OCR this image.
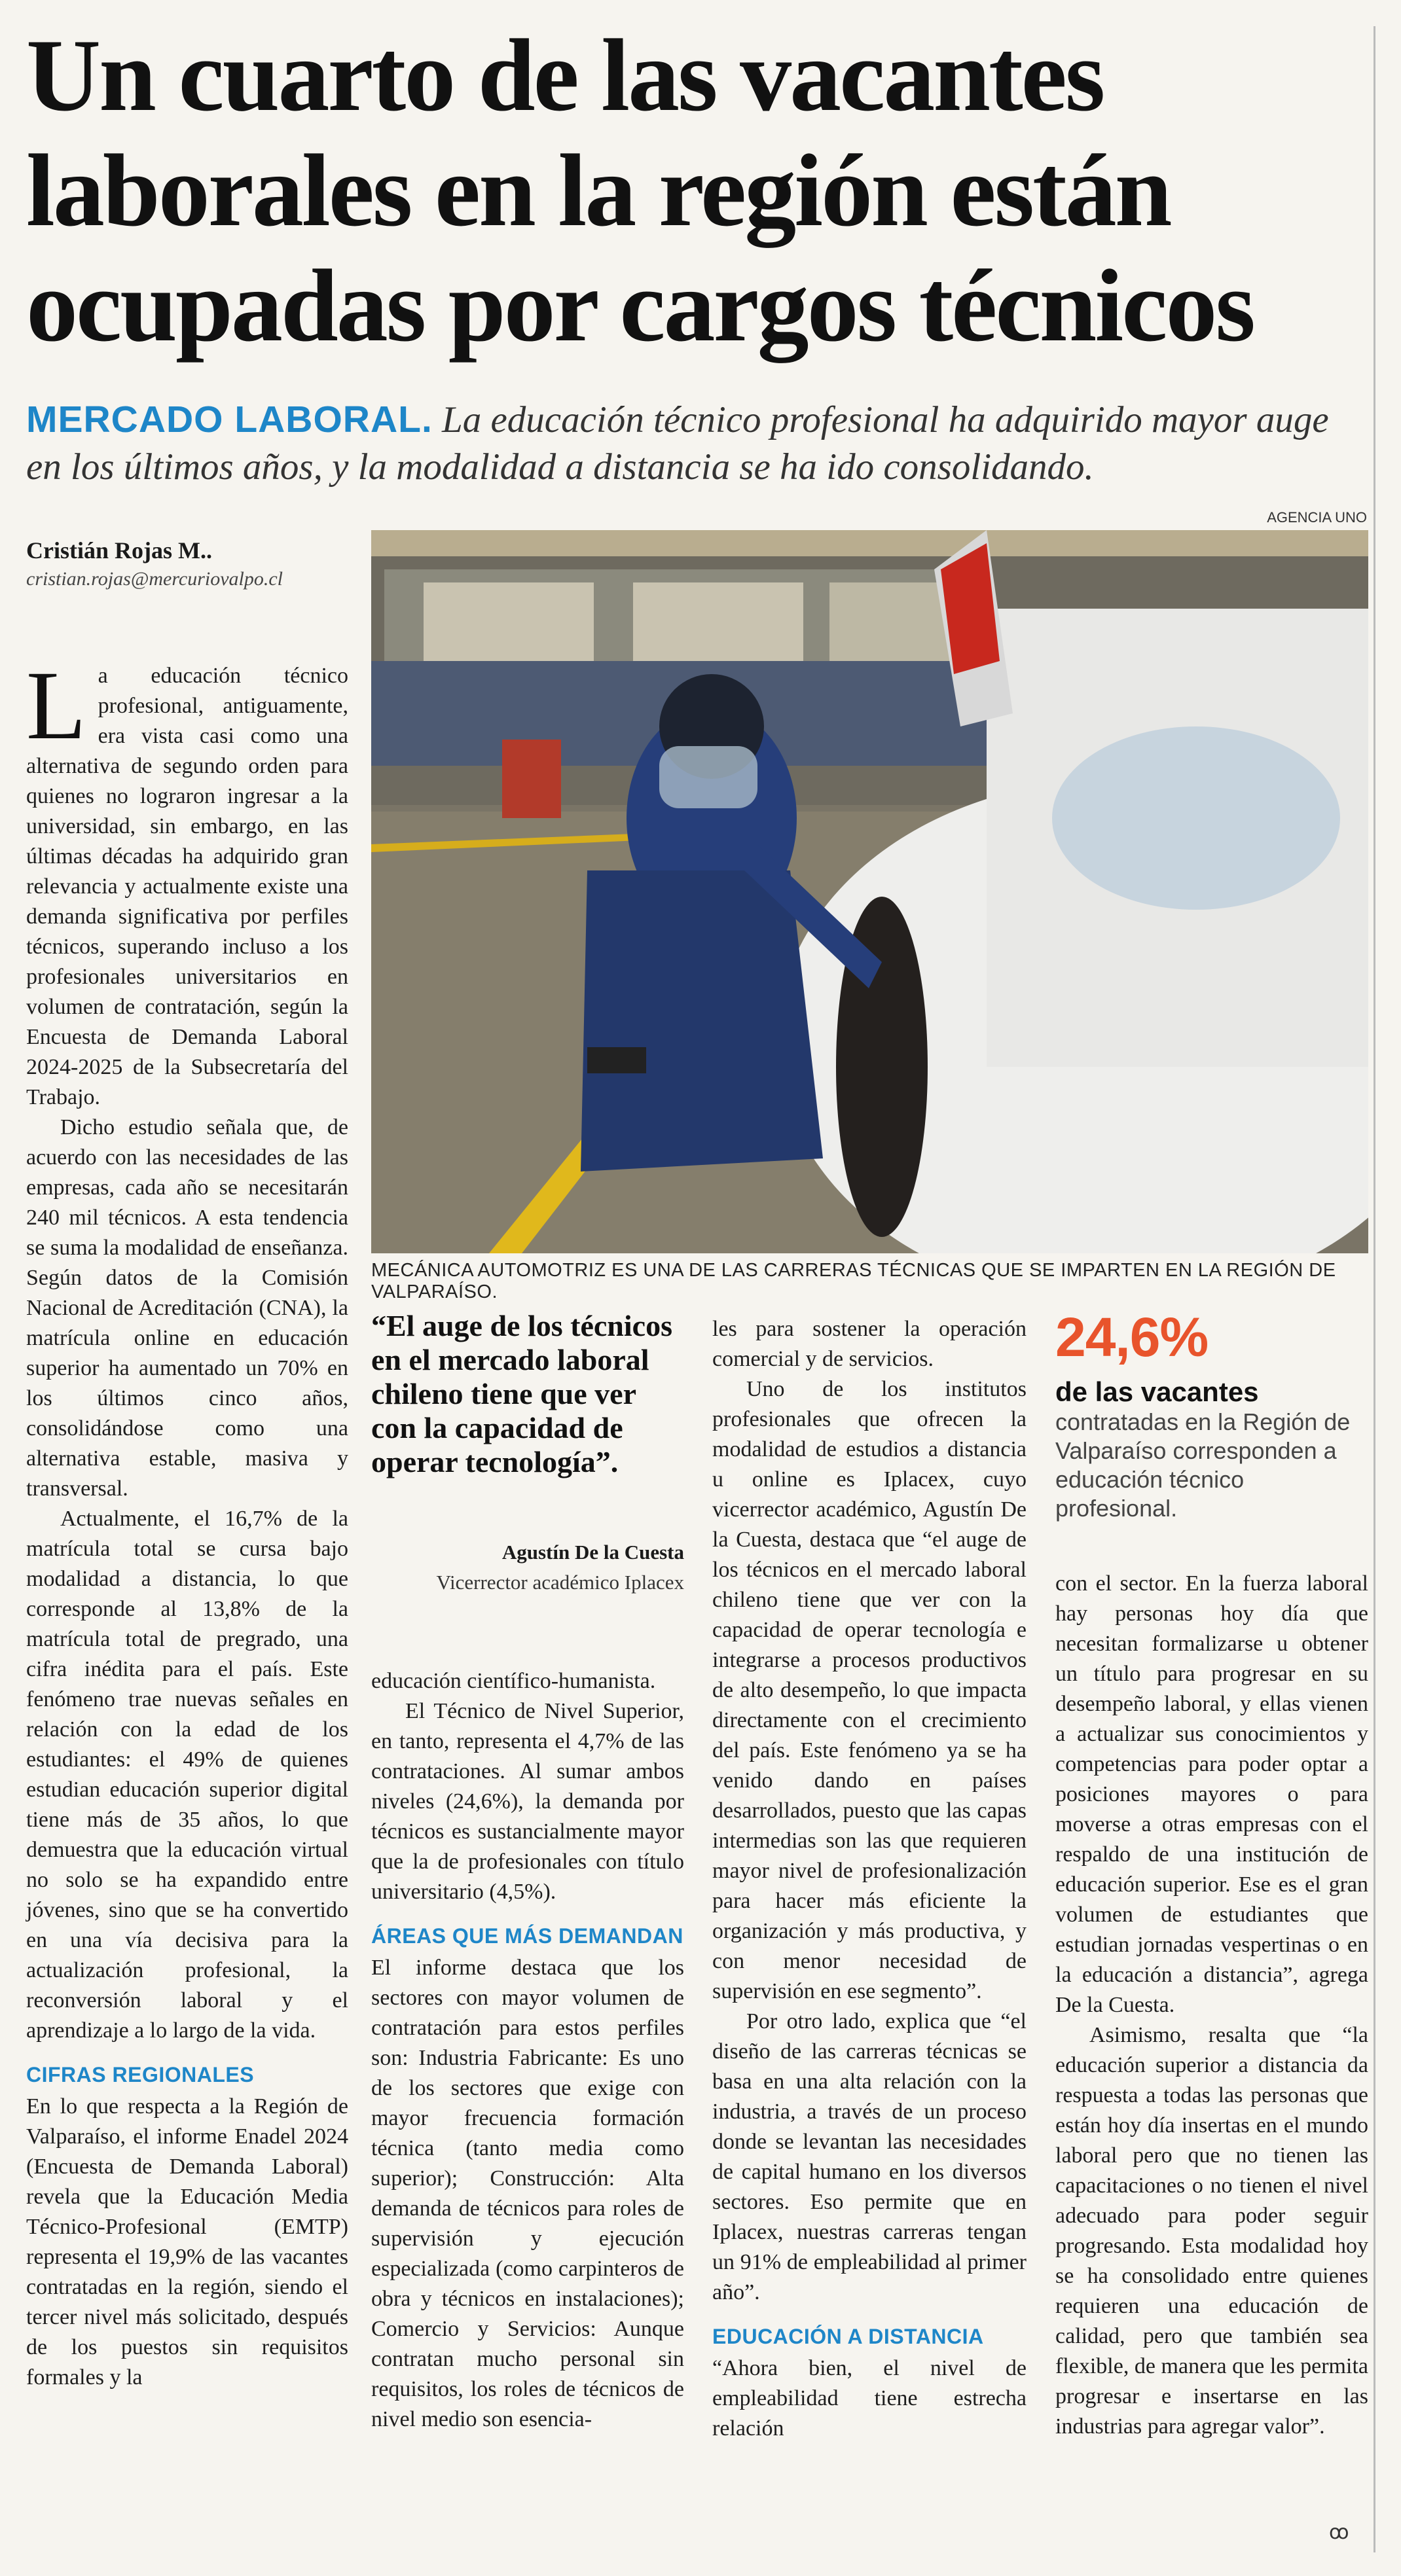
Un cuarto de las vacantes laborales en la región están ocupadas por cargos técnicos
MERCADO LABORAL. La educación técnico profesional ha adquirido mayor auge en los últimos años, y la modalidad a distancia se ha ido consolidando.
Cristián Rojas M..
cristian.rojas@mercuriovalpo.cl
AGENCIA UNO
MECÁNICA AUTOMOTRIZ ES UNA DE LAS CARRERAS TÉCNICAS QUE SE IMPARTEN EN LA REGIÓN DE VALPARAÍSO.
“El auge de los técnicos en el mercado laboral chileno tiene que ver con la capacidad de operar tecnología”.
Agustín De la Cuesta
Vicerrector académico Iplacex
24,6%
de las vacantes contratadas en la Región de Valparaíso corresponden a educación técnico profesional.

La educación técnico profesional, antiguamente, era vista casi como una alternativa de segundo orden para quienes no lograron ingresar a la universidad, sin embargo, en las últimas décadas ha adquirido gran relevancia y actualmente existe una demanda significativa por perfiles técnicos, superando incluso a los profesionales universitarios en volumen de contratación, según la Encuesta de Demanda Laboral 2024-2025 de la Subsecretaría del Trabajo.

Dicho estudio señala que, de acuerdo con las necesidades de las empresas, cada año se necesitarán 240 mil técnicos. A esta tendencia se suma la modalidad de enseñanza. Según datos de la Comisión Nacional de Acreditación (CNA), la matrícula online en educación superior ha aumentado un 70% en los últimos cinco años, consolidándose como una alternativa estable, masiva y transversal.

Actualmente, el 16,7% de la matrícula total se cursa bajo modalidad a distancia, lo que corresponde al 13,8% de la matrícula total de pregrado, una cifra inédita para el país. Este fenómeno trae nuevas señales en relación con la edad de los estudiantes: el 49% de quienes estudian educación superior digital tiene más de 35 años, lo que demuestra que la educación virtual no solo se ha expandido entre jóvenes, sino que se ha convertido en una vía decisiva para la actualización profesional, la reconversión laboral y el aprendizaje a lo largo de la vida.

CIFRAS REGIONALES

En lo que respecta a la Región de Valparaíso, el informe Enadel 2024 (Encuesta de Demanda Laboral) revela que la Educación Media Técnico-Profesional (EMTP) representa el 19,9% de las vacantes contratadas en la región, siendo el tercer nivel más solicitado, después de los puestos sin requisitos formales y la

educación científico-humanista.

El Técnico de Nivel Superior, en tanto, representa el 4,7% de las contrataciones. Al sumar ambos niveles (24,6%), la demanda por técnicos es sustancialmente mayor que la de profesionales con título universitario (4,5%).

ÁREAS QUE MÁS DEMANDAN

El informe destaca que los sectores con mayor volumen de contratación para estos perfiles son: Industria Fabricante: Es uno de los sectores que exige con mayor frecuencia formación técnica (tanto media como superior); Construcción: Alta demanda de técnicos para roles de supervisión y ejecución especializada (como carpinteros de obra y técnicos en instalaciones); Comercio y Servicios: Aunque contratan mucho personal sin requisitos, los roles de técnicos de nivel medio son esencia-

les para sostener la operación comercial y de servicios.

Uno de los institutos profesionales que ofrecen la modalidad de estudios a distancia u online es Iplacex, cuyo vicerrector académico, Agustín De la Cuesta, destaca que “el auge de los técnicos en el mercado laboral chileno tiene que ver con la capacidad de operar tecnología e integrarse a procesos productivos de alto desempeño, lo que impacta directamente con el crecimiento del país. Este fenómeno ya se ha venido dando en países desarrollados, puesto que las capas intermedias son las que requieren mayor nivel de profesionalización para hacer más eficiente la organización y más productiva, y con menor necesidad de supervisión en ese segmento”.

Por otro lado, explica que “el diseño de las carreras técnicas se basa en una alta relación con la industria, a través de un proceso donde se levantan las necesidades de capital humano en los diversos sectores. Eso permite que en Iplacex, nuestras carreras tengan un 91% de empleabilidad al primer año”.

EDUCACIÓN A DISTANCIA

“Ahora bien, el nivel de empleabilidad tiene estrecha relación

con el sector. En la fuerza laboral hay personas hoy día que necesitan formalizarse u obtener un título para progresar en su desempeño laboral, y ellas vienen a actualizar sus conocimientos y competencias para poder optar a posiciones mayores o para moverse a otras empresas con el respaldo de una institución de educación superior. Ese es el gran volumen de estudiantes que estudian jornadas vespertinas o en la educación a distancia”, agrega De la Cuesta.

Asimismo, resalta que “la educación superior a distancia da respuesta a todas las personas que están hoy día insertas en el mundo laboral pero que no tienen las capacitaciones o no tienen el nivel adecuado para poder seguir progresando. Esta modalidad hoy se ha consolidado entre quienes requieren una educación de calidad, pero que también sea flexible, de manera que les permita progresar e insertarse en las industrias para agregar valor”.

ꝏ
